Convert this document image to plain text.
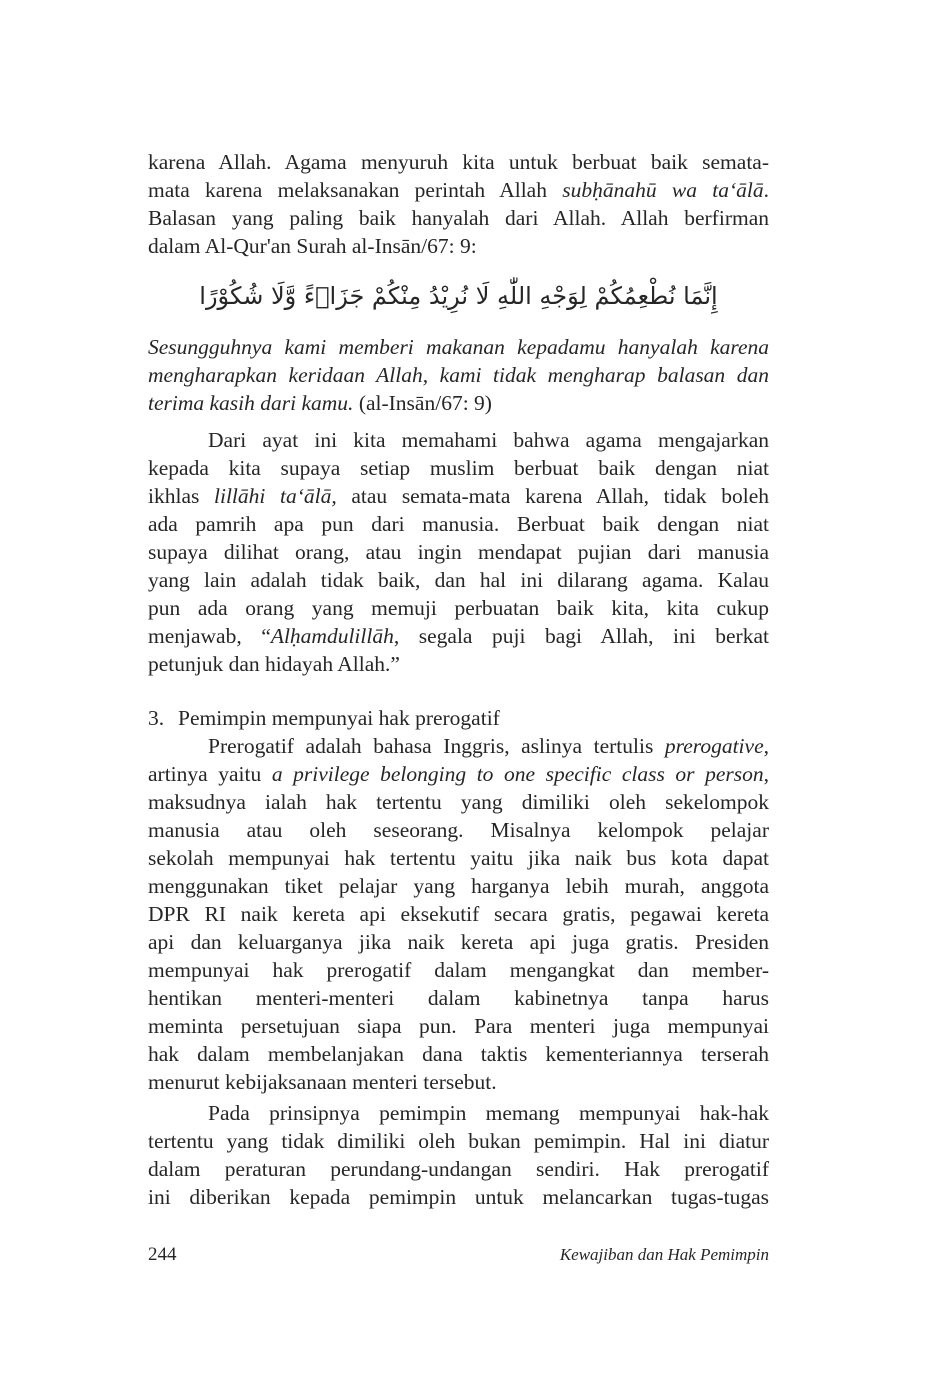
karena Allah. Agama menyuruh kita untuk berbuat baik semata-
mata karena melaksanakan perintah Allah subḥānahū wa ta‘ālā.
Balasan yang paling baik hanyalah dari Allah. Allah berfirman
dalam Al-Qur'an Surah al-Insān/67: 9:
إِنَّمَا نُطْعِمُكُمْ لِوَجْهِ اللّٰهِ لَا نُرِيْدُ مِنْكُمْ جَزَاۤءً وَّلَا شُكُوْرًا
Sesungguhnya kami memberi makanan kepadamu hanyalah karena
mengharapkan keridaan Allah, kami tidak mengharap balasan dan
terima kasih dari kamu. (al-Insān/67: 9)
Dari ayat ini kita memahami bahwa agama mengajarkan
kepada kita supaya setiap muslim berbuat baik dengan niat
ikhlas lillāhi ta‘ālā, atau semata-mata karena Allah, tidak boleh
ada pamrih apa pun dari manusia. Berbuat baik dengan niat
supaya dilihat orang, atau ingin mendapat pujian dari manusia
yang lain adalah tidak baik, dan hal ini dilarang agama. Kalau
pun ada orang yang memuji perbuatan baik kita, kita cukup
menjawab, “Alḥamdulillāh, segala puji bagi Allah, ini berkat
petunjuk dan hidayah Allah.”
3. Pemimpin mempunyai hak prerogatif
Prerogatif adalah bahasa Inggris, aslinya tertulis prerogative,
artinya yaitu a privilege belonging to one specific class or person,
maksudnya ialah hak tertentu yang dimiliki oleh sekelompok
manusia atau oleh seseorang. Misalnya kelompok pelajar
sekolah mempunyai hak tertentu yaitu jika naik bus kota dapat
menggunakan tiket pelajar yang harganya lebih murah, anggota
DPR RI naik kereta api eksekutif secara gratis, pegawai kereta
api dan keluarganya jika naik kereta api juga gratis. Presiden
mempunyai hak prerogatif dalam mengangkat dan member-
hentikan menteri-menteri dalam kabinetnya tanpa harus
meminta persetujuan siapa pun. Para menteri juga mempunyai
hak dalam membelanjakan dana taktis kementeriannya terserah
menurut kebijaksanaan menteri tersebut.
Pada prinsipnya pemimpin memang mempunyai hak-hak
tertentu yang tidak dimiliki oleh bukan pemimpin. Hal ini diatur
dalam peraturan perundang-undangan sendiri. Hak prerogatif
ini diberikan kepada pemimpin untuk melancarkan tugas-tugas
244	Kewajiban dan Hak Pemimpin
